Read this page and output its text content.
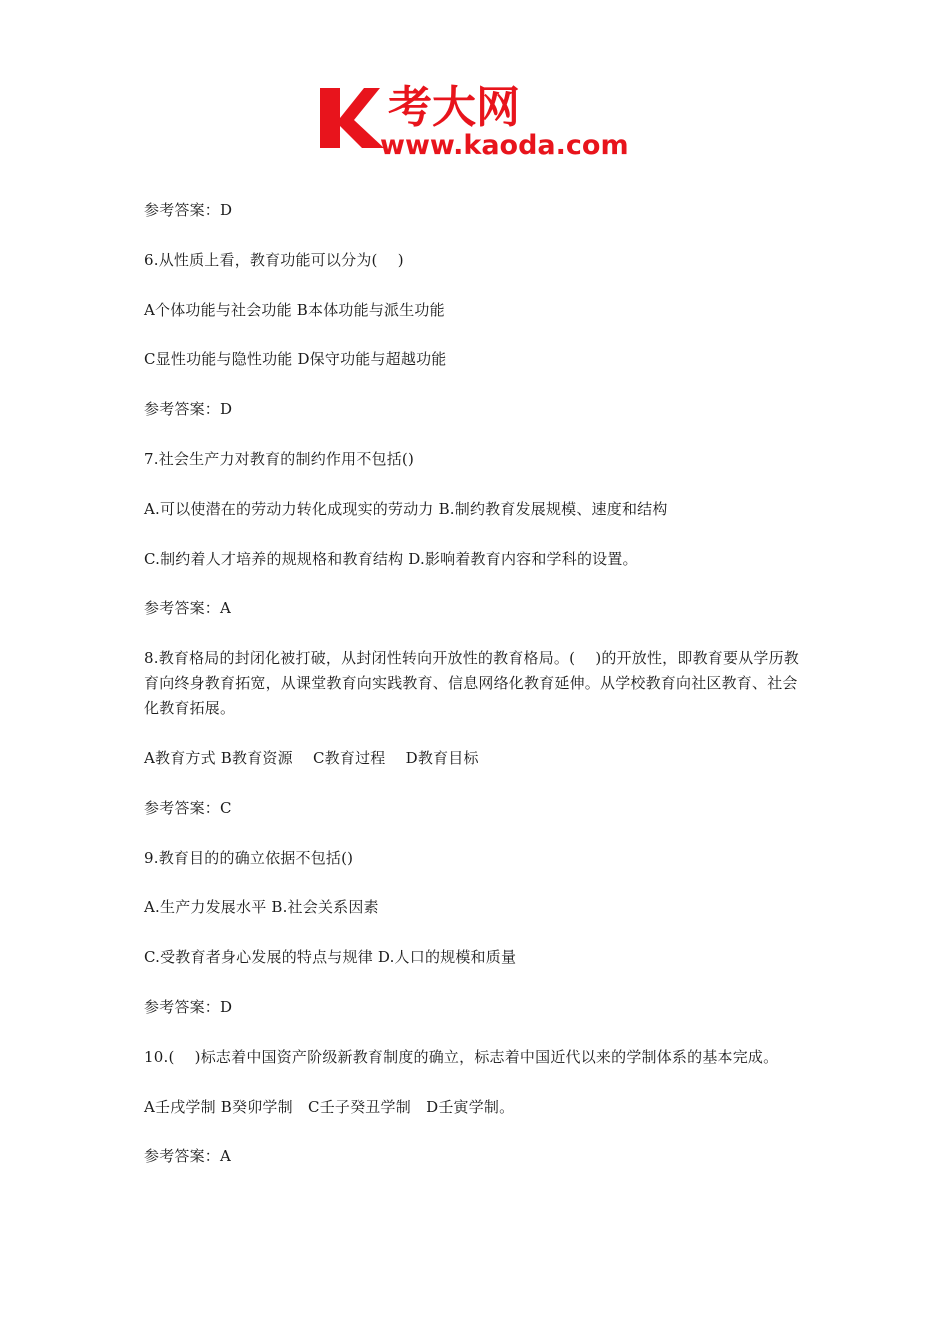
考大网
www.kaoda.com

参考答案：D

6.从性质上看，教育功能可以分为(　 )

A个体功能与社会功能 B本体功能与派生功能

C显性功能与隐性功能 D保守功能与超越功能

参考答案：D

7.社会生产力对教育的制约作用不包括()

A.可以使潜在的劳动力转化成现实的劳动力 B.制约教育发展规模、速度和结构

C.制约着人才培养的规规格和教育结构 D.影响着教育内容和学科的设置。

参考答案：A

8.教育格局的封闭化被打破，从封闭性转向开放性的教育格局。(　 )的开放性，即教育要从学历教育向终身教育拓宽，从课堂教育向实践教育、信息网络化教育延伸。从学校教育向社区教育、社会化教育拓展。

A教育方式 B教育资源　 C教育过程　 D教育目标

参考答案：C

9.教育目的的确立依据不包括()

A.生产力发展水平 B.社会关系因素

C.受教育者身心发展的特点与规律 D.人口的规模和质量

参考答案：D

10.(　 )标志着中国资产阶级新教育制度的确立，标志着中国近代以来的学制体系的基本完成。

A壬戌学制 B癸卯学制　C壬子癸丑学制　D壬寅学制。

参考答案：A
